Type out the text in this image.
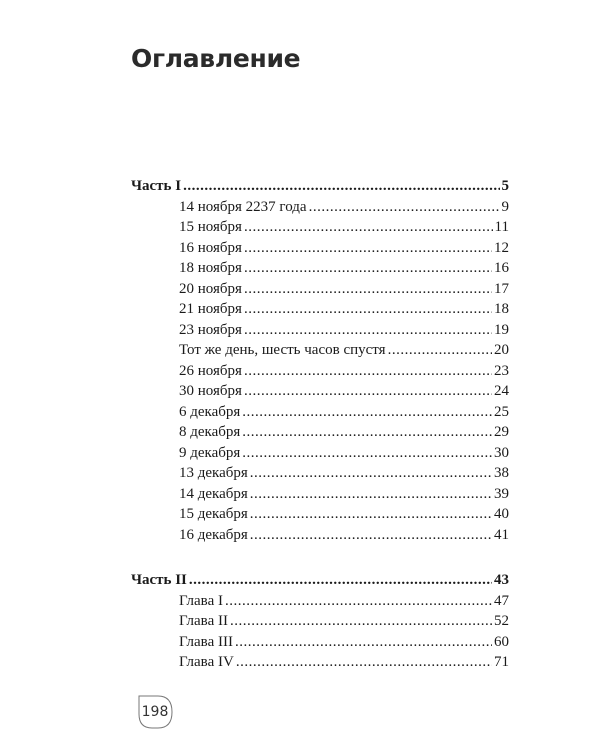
Оглавление
Часть I .....	5
14 ноября 2237 года .....	9
15 ноября .....	11
16 ноября .....	12
18 ноября .....	16
20 ноября .....	17
21 ноября .....	18
23 ноября .....	19
Тот же день, шесть часов спустя .....	20
26 ноября .....	23
30 ноября .....	24
6 декабря .....	25
8 декабря .....	29
9 декабря .....	30
13 декабря .....	38
14 декабря .....	39
15 декабря .....	40
16 декабря .....	41
Часть II .....	43
Глава I .....	47
Глава II .....	52
Глава III .....	60
Глава IV .....	71
198
